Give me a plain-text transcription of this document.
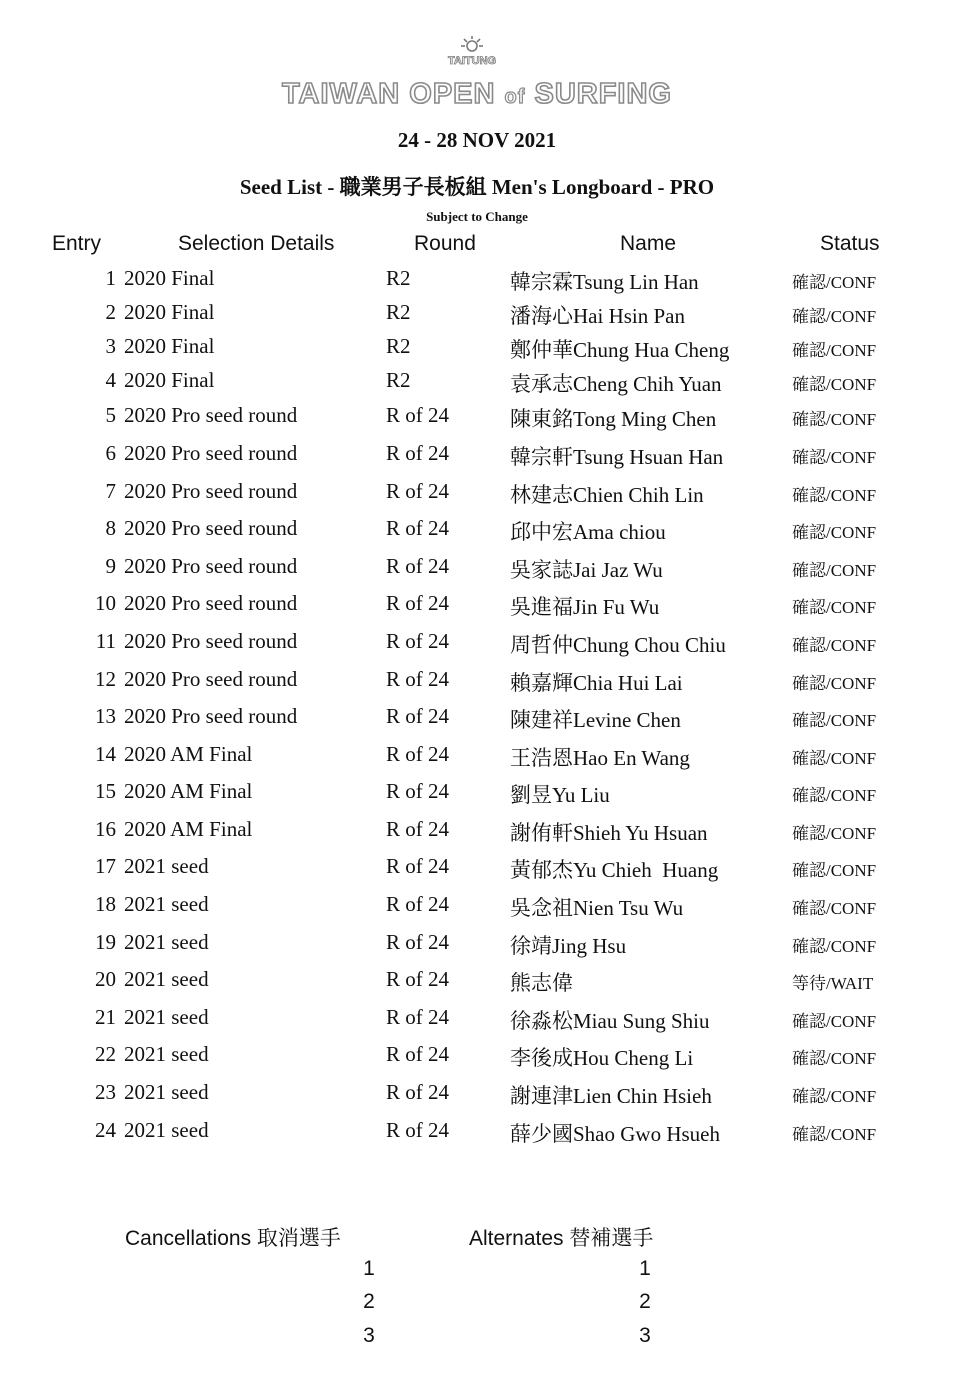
TAITUNG
TAIWAN OPEN of SURFING
24 - 28 NOV 2021
Seed List - 職業男子長板組 Men's Longboard - PRO
Subject to Change
Entry	Selection Details	Round	Name	Status
1 2020 Final	R2	韓宗霖Tsung Lin Han	確認/CONF
2 2020 Final	R2	潘海心Hai Hsin Pan	確認/CONF
3 2020 Final	R2	鄭仲華Chung Hua Cheng	確認/CONF
4 2020 Final	R2	袁承志Cheng Chih Yuan	確認/CONF
5 2020 Pro seed round	R of 24	陳東銘Tong Ming Chen	確認/CONF
6 2020 Pro seed round	R of 24	韓宗軒Tsung Hsuan Han	確認/CONF
7 2020 Pro seed round	R of 24	林建志Chien Chih Lin	確認/CONF
8 2020 Pro seed round	R of 24	邱中宏Ama chiou	確認/CONF
9 2020 Pro seed round	R of 24	吳家誌Jai Jaz Wu	確認/CONF
10 2020 Pro seed round	R of 24	吳進福Jin Fu Wu	確認/CONF
11 2020 Pro seed round	R of 24	周哲仲Chung Chou Chiu	確認/CONF
12 2020 Pro seed round	R of 24	賴嘉輝Chia Hui Lai	確認/CONF
13 2020 Pro seed round	R of 24	陳建祥Levine Chen	確認/CONF
14 2020 AM Final	R of 24	王浩恩Hao En Wang	確認/CONF
15 2020 AM Final	R of 24	劉昱Yu Liu	確認/CONF
16 2020 AM Final	R of 24	謝侑軒Shieh Yu Hsuan	確認/CONF
17 2021 seed	R of 24	黃郁杰Yu Chieh  Huang	確認/CONF
18 2021 seed	R of 24	吳念祖Nien Tsu Wu	確認/CONF
19 2021 seed	R of 24	徐靖Jing Hsu	確認/CONF
20 2021 seed	R of 24	熊志偉	等待/WAIT
21 2021 seed	R of 24	徐淼松Miau Sung Shiu	確認/CONF
22 2021 seed	R of 24	李後成Hou Cheng Li	確認/CONF
23 2021 seed	R of 24	謝連津Lien Chin Hsieh	確認/CONF
24 2021 seed	R of 24	薛少國Shao Gwo Hsueh	確認/CONF
Cancellations 取消選手	Alternates 替補選手
1
2
3
1
2
3
